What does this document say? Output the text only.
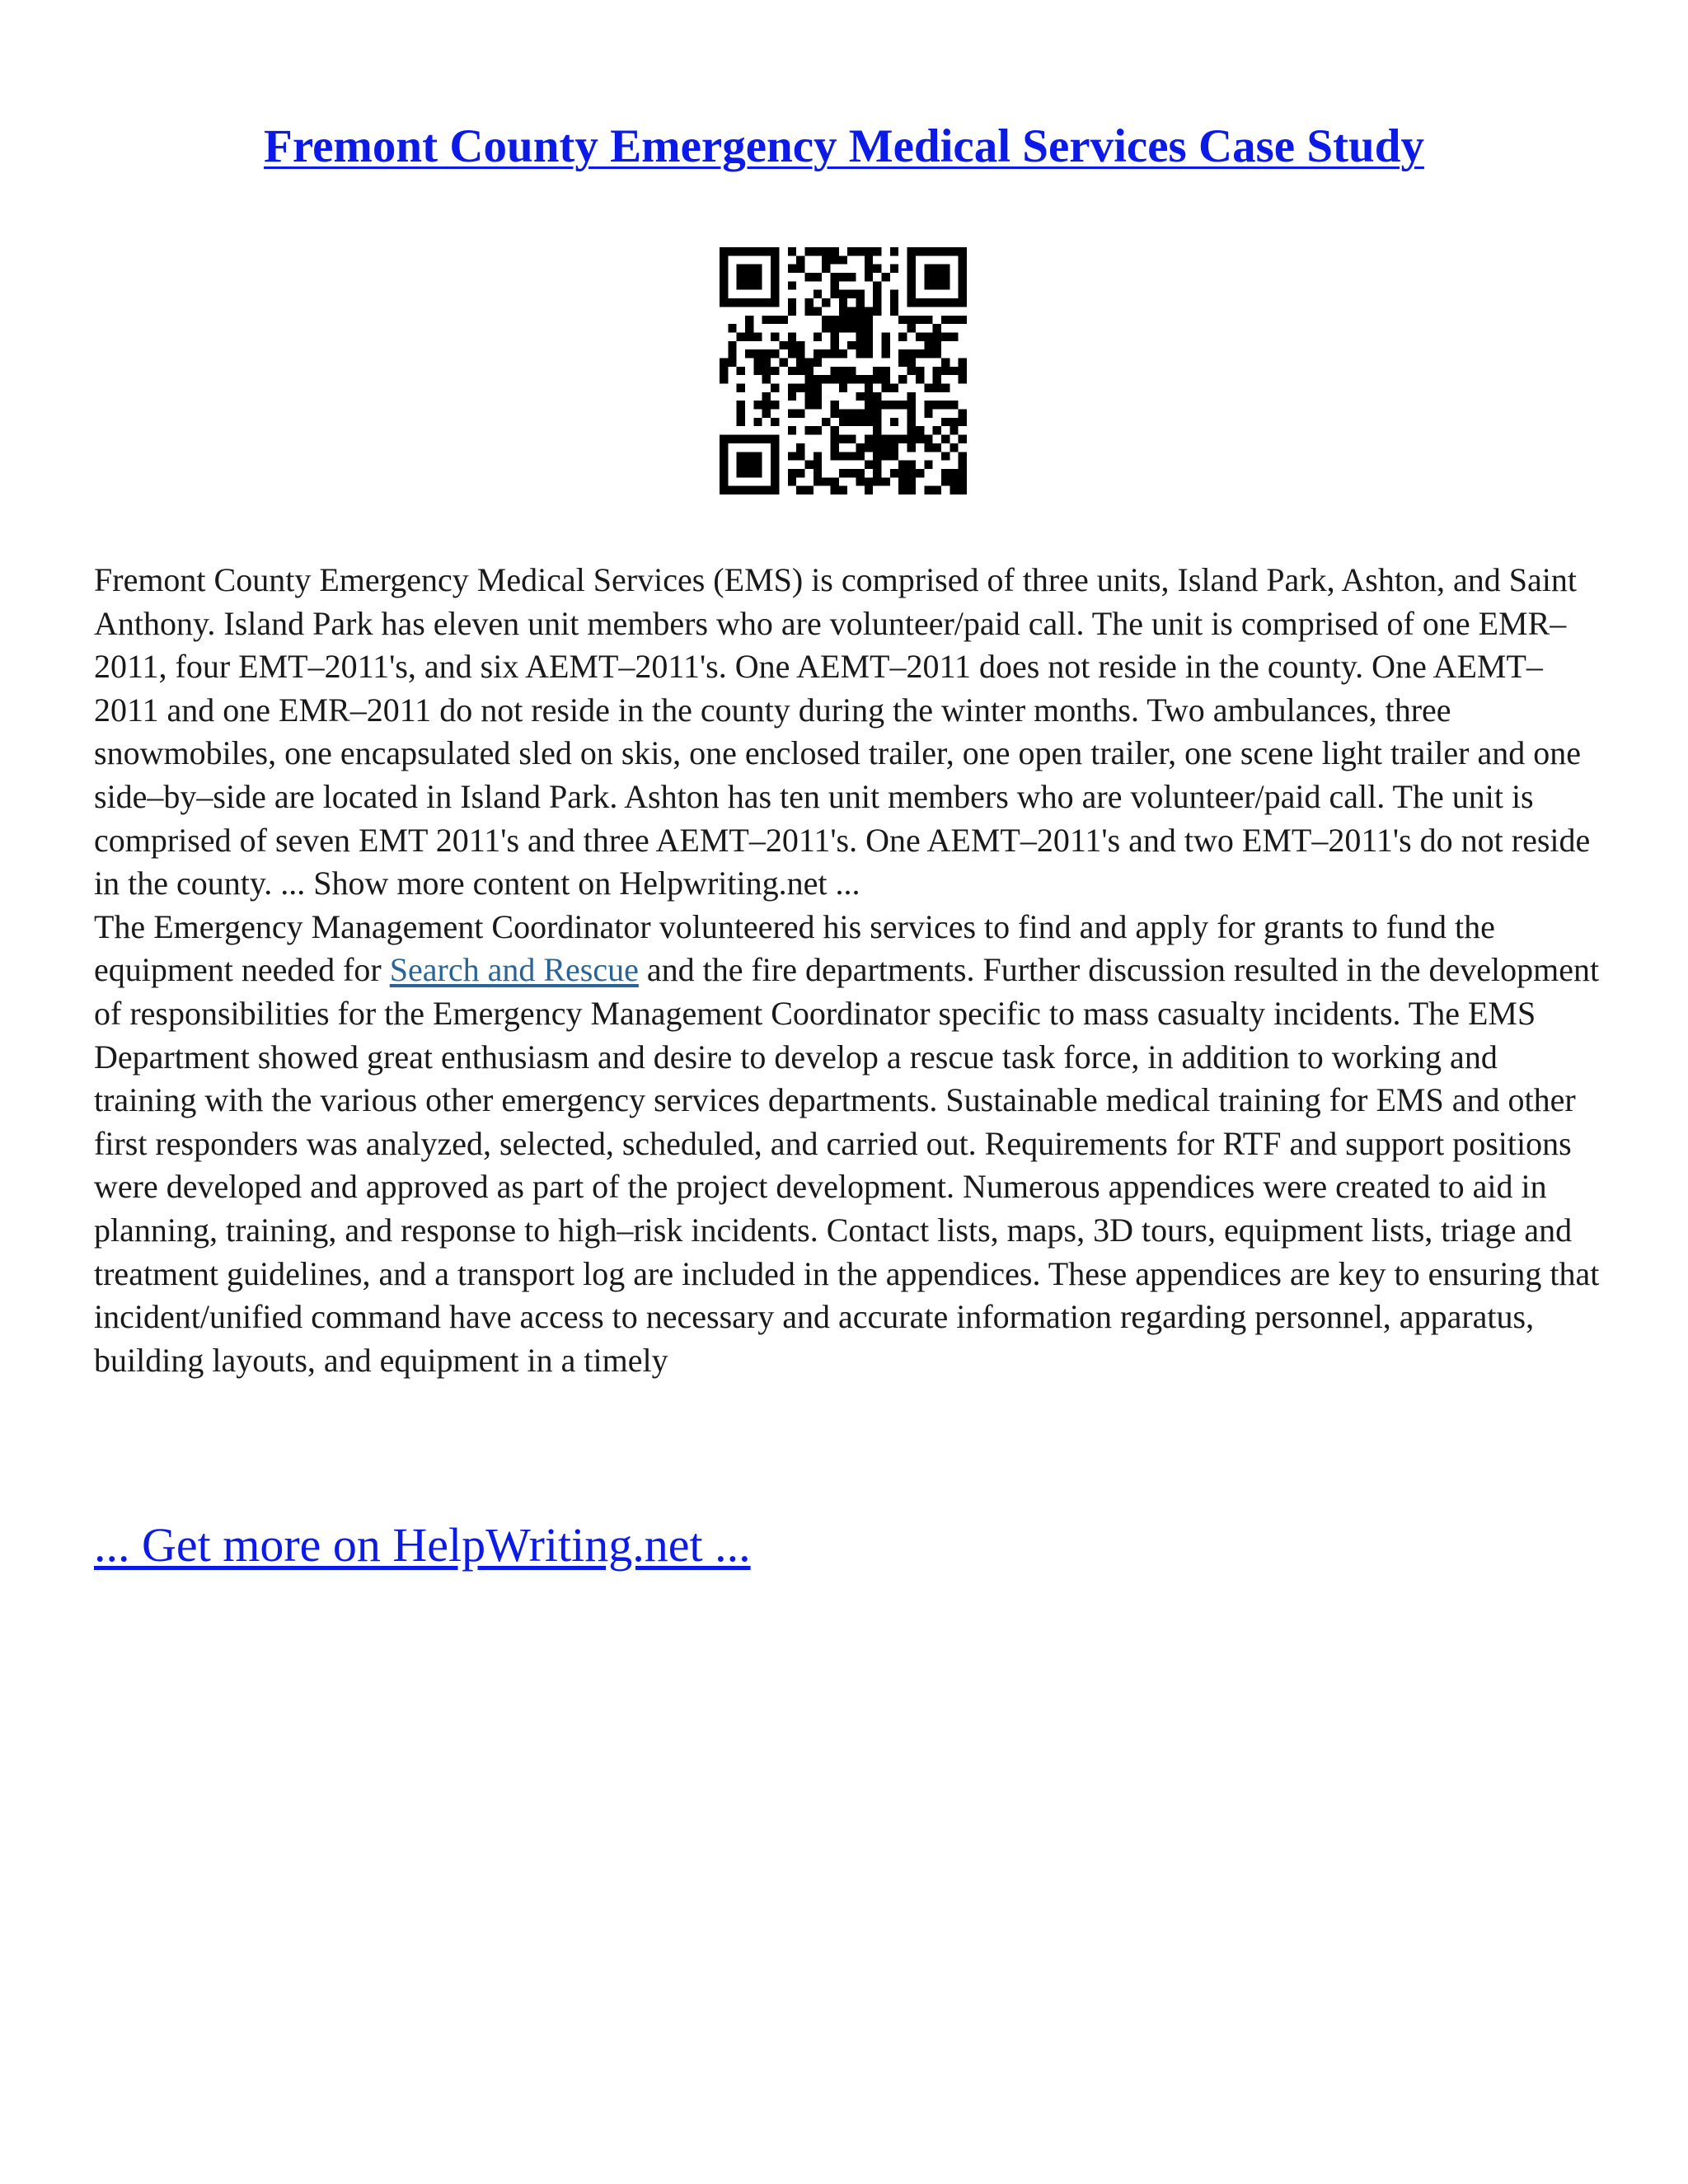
Fremont County Emergency Medical Services Case Study

Fremont County Emergency Medical Services (EMS) is comprised of three units, Island Park, Ashton, and Saint Anthony. Island Park has eleven unit members who are volunteer/paid call. The unit is comprised of one EMR–2011, four EMT–2011's, and six AEMT–2011's. One AEMT–2011 does not reside in the county. One AEMT–2011 and one EMR–2011 do not reside in the county during the winter months. Two ambulances, three snowmobiles, one encapsulated sled on skis, one enclosed trailer, one open trailer, one scene light trailer and one side–by–side are located in Island Park. Ashton has ten unit members who are volunteer/paid call. The unit is comprised of seven EMT 2011's and three AEMT–2011's. One AEMT–2011's and two EMT–2011's do not reside in the county. ... Show more content on Helpwriting.net ...

The Emergency Management Coordinator volunteered his services to find and apply for grants to fund the equipment needed for Search and Rescue and the fire departments. Further discussion resulted in the development of responsibilities for the Emergency Management Coordinator specific to mass casualty incidents. The EMS Department showed great enthusiasm and desire to develop a rescue task force, in addition to working and training with the various other emergency services departments. Sustainable medical training for EMS and other first responders was analyzed, selected, scheduled, and carried out. Requirements for RTF and support positions were developed and approved as part of the project development. Numerous appendices were created to aid in planning, training, and response to high–risk incidents. Contact lists, maps, 3D tours, equipment lists, triage and treatment guidelines, and a transport log are included in the appendices. These appendices are key to ensuring that incident/unified command have access to necessary and accurate information regarding personnel, apparatus, building layouts, and equipment in a timely

... Get more on HelpWriting.net ...
